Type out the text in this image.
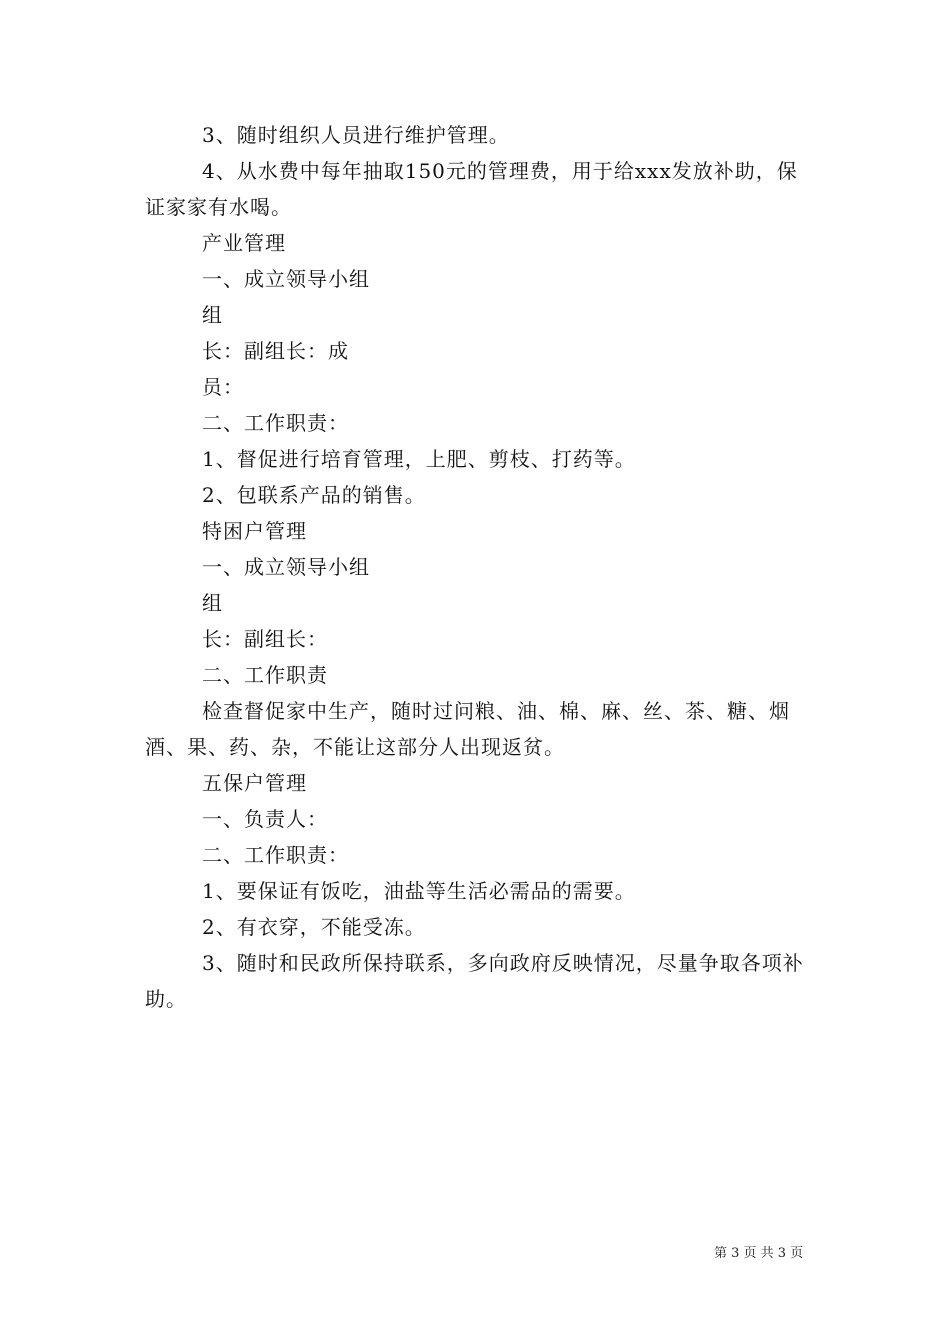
3、随时组织人员进行维护管理。

4、从水费中每年抽取150元的管理费，用于给xxx发放补助，保证家家有水喝。

产业管理

一、成立领导小组

组

长：副组长：成

员：

二、工作职责：

1、督促进行培育管理，上肥、剪枝、打药等。

2、包联系产品的销售。

特困户管理

一、成立领导小组

组

长：副组长：

二、工作职责

检查督促家中生产，随时过问粮、油、棉、麻、丝、茶、糖、烟酒、果、药、杂，不能让这部分人出现返贫。

五保户管理

一、负责人：

二、工作职责：

1、要保证有饭吃，油盐等生活必需品的需要。

2、有衣穿，不能受冻。

3、随时和民政所保持联系，多向政府反映情况，尽量争取各项补助。

第 3 页 共 3 页
